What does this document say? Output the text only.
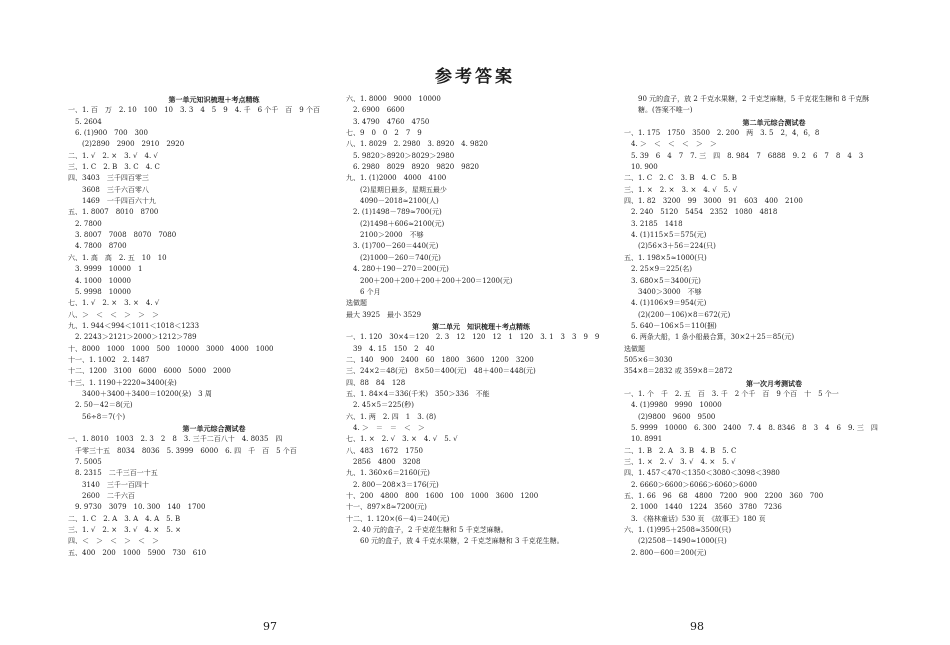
参考答案
第一单元知识梳理＋考点精练
一、1. 百　万　2. 10　100　10　3. 3　4　5　9　4. 千　6 个千　百　9 个百
　5. 2604
　6. (1)900　700　300
　　(2)2890　2900　2910　2920
二、1. √　2. ×　3. √　4. √
三、1. C　2. B　3. C　4. C
四、3403　三千四百零三
　　3608　三千六百零八
　　1469　一千四百六十九
五、1. 8007　8010　8700
　2. 7800
　3. 8007　7008　8070　7080
　4. 7800　8700
六、1. 高　高　2. 五　10　10
　3. 9999　10000　1
　4. 1000　10000
　5. 9998　10000
七、1. √　2. ×　3. ×　4. √
八、＞　＜　＜　＞　＞　＞
九、1. 944＜994＜1011＜1018＜1233
　2. 2243＞2121＞2000＞1212＞789
十、8000　1000　1000　500　10000　3000　4000　1000
十一、1. 1002　2. 1487
十二、1200　3100　6000　6000　5000　2000
十三、1. 1190＋2220≈3400(朵)
　　3400＋3400＋3400＝10200(朵)　3 周
　2. 50－42＝8(元)
　　56÷8＝7(个)
第一单元综合测试卷
一、1. 8010　1003　2. 3　2　8　3. 三千二百八十　4. 8035　四
　千零三十五　8034　8036　5. 3999　6000　6. 四　千　百　5 个百
　7. 5005
　8. 2315　二千三百一十五
　　3140　三千一百四十
　　2600　二千六百
　9. 9730　3079　10. 300　140　1700
二、1. C　2. A　3. A　4. A　5. B
三、1. √　2. ×　3. √　4. ×　5. ×
四、＜　＞　＜　＞　＜　＞
五、400　200　1000　5900　730　610
六、1. 8000　9000　10000
　2. 6900　6600
　3. 4790　4760　4750
七、9　0　0　2　7　9
八、1. 8029　2. 2980　3. 8920　4. 9820
　5. 9820＞8920＞8029＞2980
　6. 2980　8029　8920　9820　9820
九、1. (1)2000　4000　4100
　　(2)星期日最多，星期五最少
　　4090－2018≈2100(人)
　2. (1)1498－789≈700(元)
　　(2)1498＋606≈2100(元)
　　2100＞2000　不够
　3. (1)700－260＝440(元)
　　(2)1000－260＝740(元)
　4. 280＋190－270＝200(元)
　　200＋200＋200＋200＋200＋200＝1200(元)
　　6 个月
选做题
最大 3925　最小 3529
第二单元　知识梳理＋考点精练
一、1. 120　30×4＝120　2. 3　12　120　12　1　120　3. 1　3　3　9　9
　39　4. 15　150　2　40
二、140　900　2400　60　1800　3600　1200　3200
三、24×2＝48(元)　8×50＝400(元)　48＋400＝448(元)
四、88　84　128
五、1. 84×4＝336(千米)　350＞336　不能
　2. 45×5＝225(秒)
六、1. 两　2. 四　1　3. (8)
　4. ＞　＝　＝　＜　＞
七、1. ×　2. √　3. ×　4. √　5. √
八、483　1672　1750
　2856　4800　3208
九、1. 360×6＝2160(元)
　2. 800－208×3＝176(元)
十、200　4800　800　1600　100　1000　3600　1200
十一、897×8≈7200(元)
十二、1. 120×(6－4)＝240(元)
　2. 40 元的盒子，2 千克花生糖和 5 千克芝麻糖。
　　60 元的盒子，放 4 千克水果糖，2 千克芝麻糖和 3 千克花生糖。
　　90 元的盒子，放 2 千克水果糖，2 千克芝麻糖，5 千克花生糖和 8 千克酥
　　糖。(答案不唯一)
第二单元综合测试卷
一、1. 175　1750　3500　2. 200　两　3. 5　2，4，6，8
　4. ＞　＜　＜　＜　＞　＞
　5. 39　6　4　7　7. 三　四　8. 984　7　6888　9. 2　6　7　8　4　3
　10. 900
二、1. C　2. C　3. B　4. C　5. B
三、1. ×　2. ×　3. ×　4. √　5. √
四、1. 82　3200　99　3000　91　603　400　2100
　2. 240　5120　5454　2352　1080　4818
　3. 2185　1418
　4. (1)115×5＝575(元)
　　(2)56×3＋56＝224(只)
五、1. 198×5≈1000(只)
　2. 25×9＝225(名)
　3. 680×5＝3400(元)
　　3400＞3000　不够
　4. (1)106×9＝954(元)
　　(2)(200－106)×8＝672(元)
　5. 640－106×5＝110(捆)
　6. 两条大船，1 条小船最合算，30×2＋25＝85(元)
选做题
505×6＝3030
354×8＝2832 或 359×8＝2872
第一次月考测试卷
一、1. 个　千　2. 五　百　3. 千　2 个千　百　9 个百　十　5 个一
　4. (1)9980　9990　10000
　　(2)9800　9600　9500
　5. 9999　10000　6. 300　2400　7. 4　8. 8346　8　3　4　6　9. 三　四
　10. 8991
二、1. B　2. A　3. B　4. B　5. C
三、1. ×　2. √　3. √　4. ×　5. √
四、1. 457＜470＜1350＜3080＜3098＜3980
　2. 6660＞6600＞6066＞6060＞6000
五、1. 66　96　68　4800　7200　900　2200　360　700
　2. 1000　1440　1224　3560　3780　7236
　3. 《格林童话》530 页　《故事王》180 页
六、1. (1)995＋2508≈3500(只)
　　(2)2508－1490≈1000(只)
　2. 800－600＝200(元)
97	98
